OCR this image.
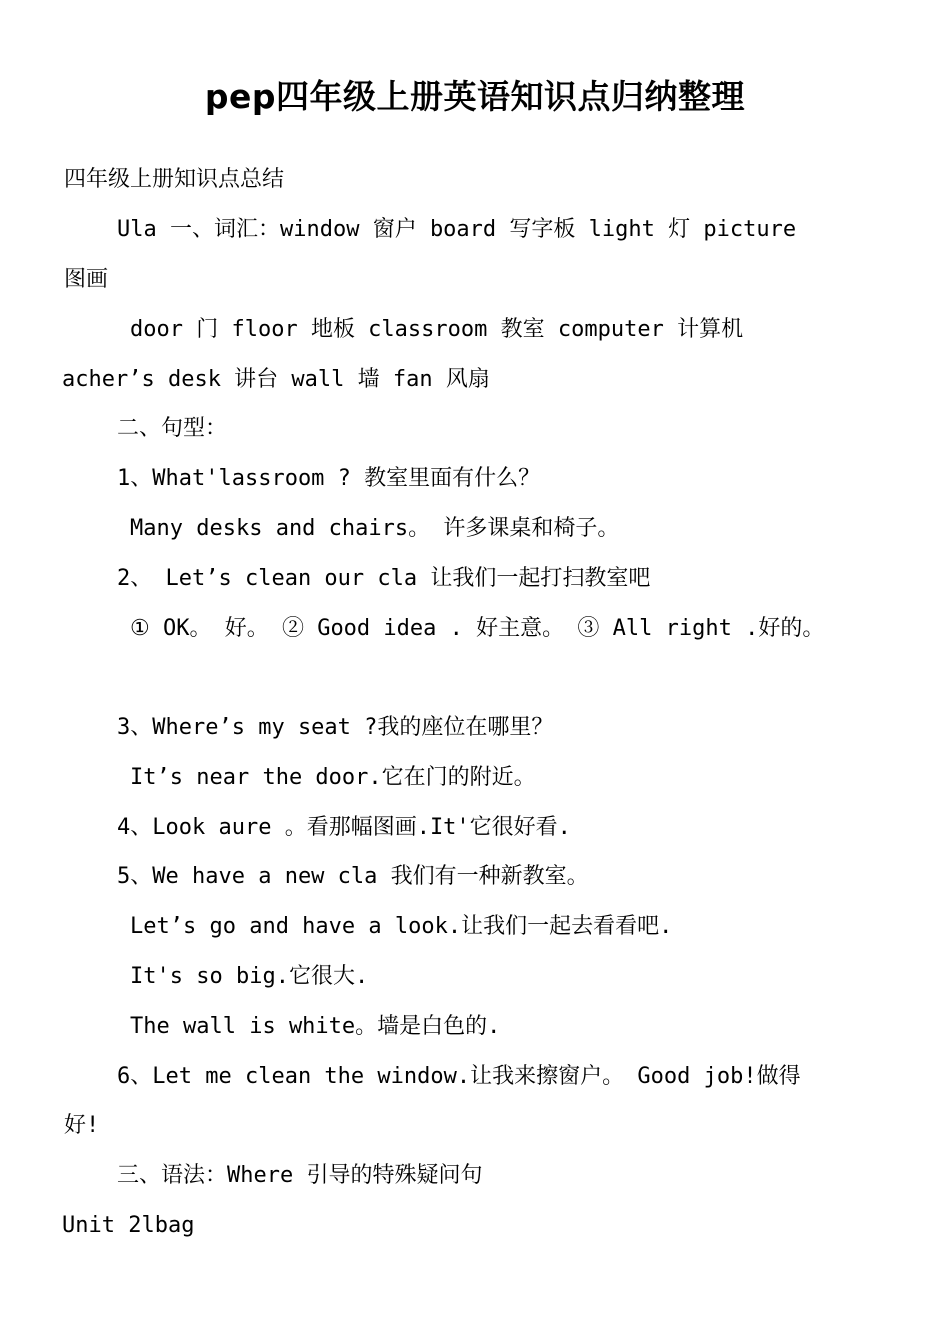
pep四年级上册英语知识点归纳整理
四年级上册知识点总结
Ula 一、词汇：window 窗户 board 写字板 light 灯 picture
图画
door 门 floor 地板 classroom 教室 computer 计算机
acher’s desk 讲台 wall 墙 fan 风扇
二、句型：
1、What'lassroom ? 教室里面有什么？
Many desks and chairs。 许多课桌和椅子。
2、 Let’s clean our cla 让我们一起打扫教室吧
① OK。 好。 ② Good idea . 好主意。 ③ All right .好的。
3、Where’s my seat ?我的座位在哪里？
It’s near the door.它在门的附近。
4、Look aure 。看那幅图画.It'它很好看.
5、We have a new cla 我们有一种新教室。
Let’s go and have a look.让我们一起去看看吧.
It's so big.它很大.
The wall is white。墙是白色的.
6、Let me clean the window.让我来擦窗户。 Good job!做得
好!
三、语法：Where 引导的特殊疑问句
Unit 2lbag
